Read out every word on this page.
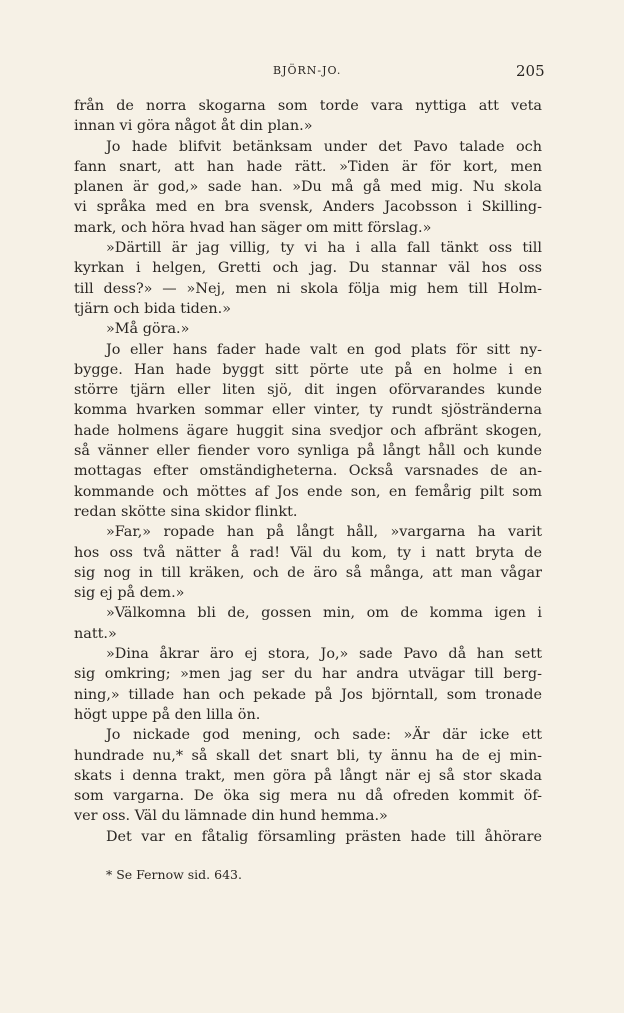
BJÖRN-JO.	205
från de norra skogarna som torde vara nyttiga att veta
innan vi göra något åt din plan.»
Jo hade blifvit betänksam under det Pavo talade och
fann snart, att han hade rätt. »Tiden är för kort, men
planen är god,» sade han. »Du må gå med mig. Nu skola
vi språka med en bra svensk, Anders Jacobsson i Skilling-
mark, och höra hvad han säger om mitt förslag.»
»Därtill är jag villig, ty vi ha i alla fall tänkt oss till
kyrkan i helgen, Gretti och jag. Du stannar väl hos oss
till dess?» — »Nej, men ni skola följa mig hem till Holm-
tjärn och bida tiden.»
»Må göra.»
Jo eller hans fader hade valt en god plats för sitt ny-
bygge. Han hade byggt sitt pörte ute på en holme i en
större tjärn eller liten sjö, dit ingen oförvarandes kunde
komma hvarken sommar eller vinter, ty rundt sjöstränderna
hade holmens ägare huggit sina svedjor och afbränt skogen,
så vänner eller fiender voro synliga på långt håll och kunde
mottagas efter omständigheterna. Också varsnades de an-
kommande och möttes af Jos ende son, en femårig pilt som
redan skötte sina skidor flinkt.
»Far,» ropade han på långt håll, »vargarna ha varit
hos oss två nätter å rad! Väl du kom, ty i natt bryta de
sig nog in till kräken, och de äro så många, att man vågar
sig ej på dem.»
»Välkomna bli de, gossen min, om de komma igen i
natt.»
»Dina åkrar äro ej stora, Jo,» sade Pavo då han sett
sig omkring; »men jag ser du har andra utvägar till berg-
ning,» tillade han och pekade på Jos björntall, som tronade
högt uppe på den lilla ön.
Jo nickade god mening, och sade: »Är där icke ett
hundrade nu,* så skall det snart bli, ty ännu ha de ej min-
skats i denna trakt, men göra på långt när ej så stor skada
som vargarna. De öka sig mera nu då ofreden kommit öf-
ver oss. Väl du lämnade din hund hemma.»
Det var en fåtalig församling prästen hade till åhörare
* Se Fernow sid. 643.
